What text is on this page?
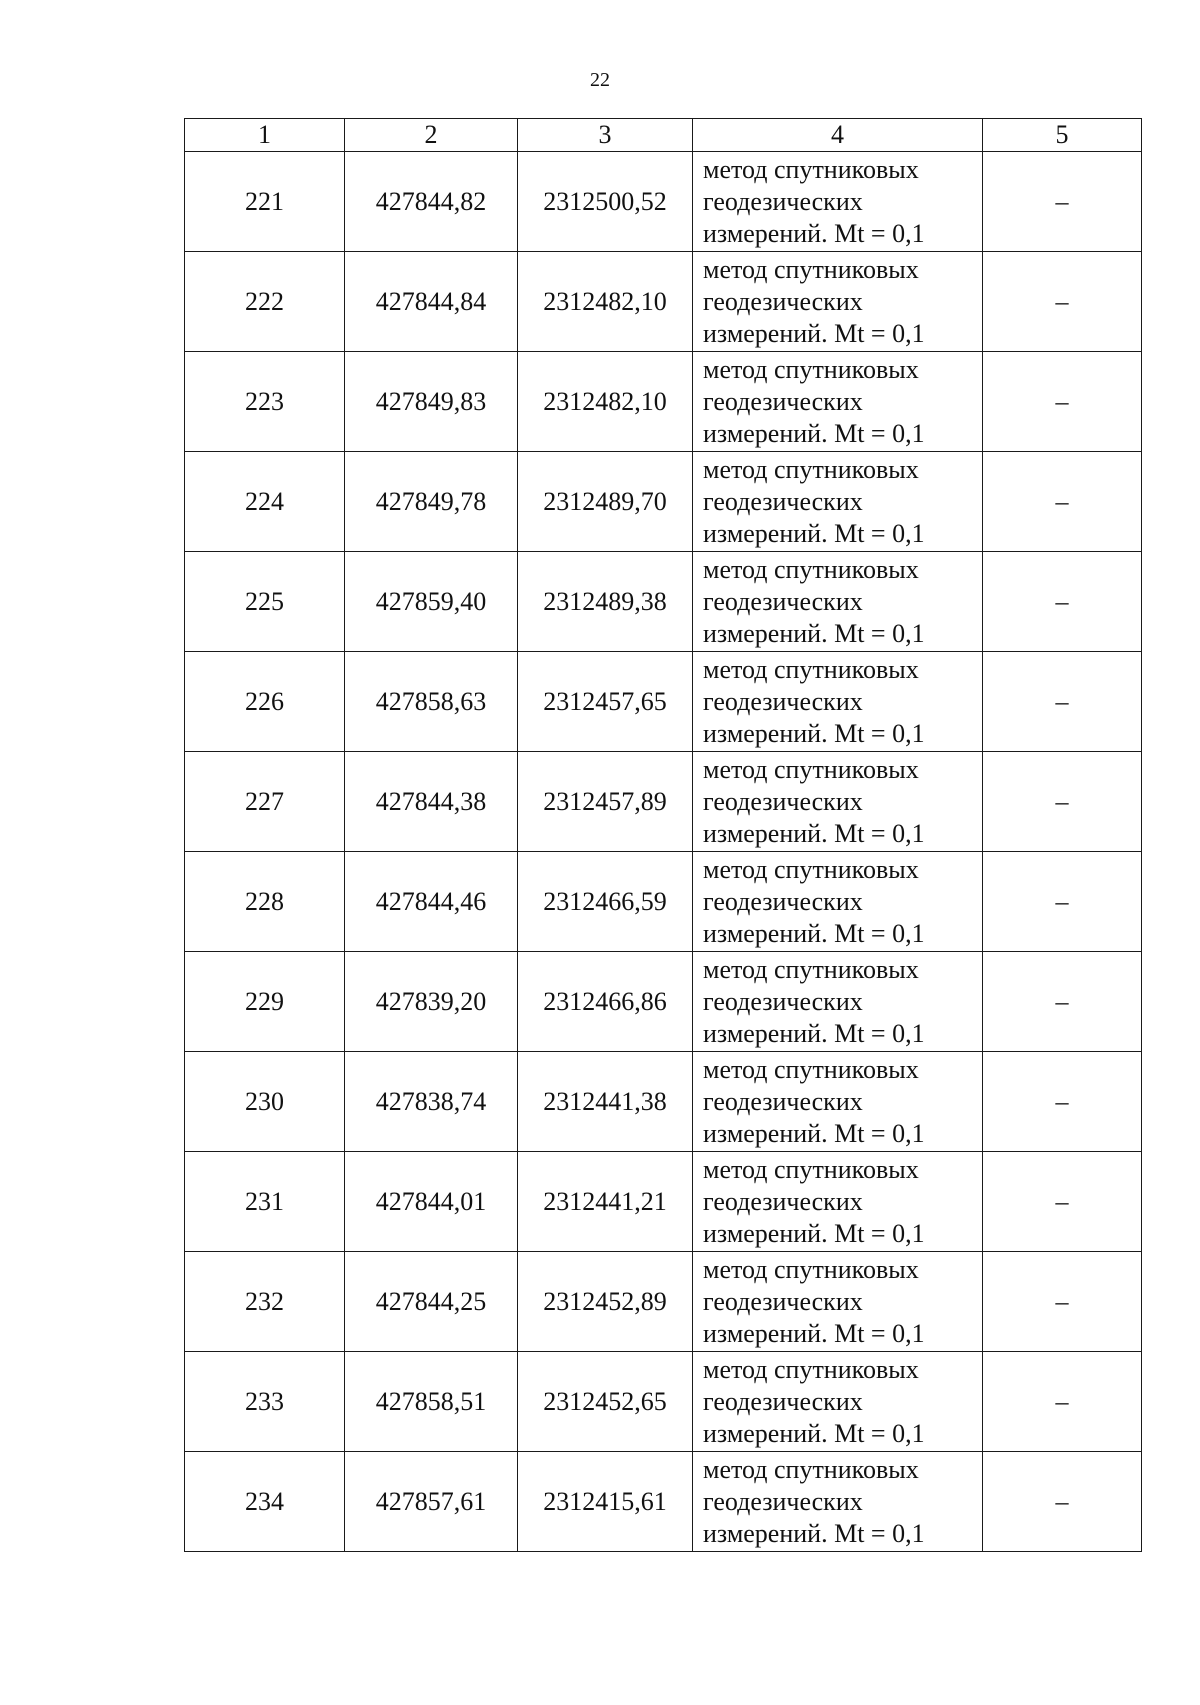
22
1	2	3	4	5
221	427844,82	2312500,52	метод спутниковых
геодезических
измерений. Mt = 0,1	–
222	427844,84	2312482,10	метод спутниковых
геодезических
измерений. Mt = 0,1	–
223	427849,83	2312482,10	метод спутниковых
геодезических
измерений. Mt = 0,1	–
224	427849,78	2312489,70	метод спутниковых
геодезических
измерений. Mt = 0,1	–
225	427859,40	2312489,38	метод спутниковых
геодезических
измерений. Mt = 0,1	–
226	427858,63	2312457,65	метод спутниковых
геодезических
измерений. Mt = 0,1	–
227	427844,38	2312457,89	метод спутниковых
геодезических
измерений. Mt = 0,1	–
228	427844,46	2312466,59	метод спутниковых
геодезических
измерений. Mt = 0,1	–
229	427839,20	2312466,86	метод спутниковых
геодезических
измерений. Mt = 0,1	–
230	427838,74	2312441,38	метод спутниковых
геодезических
измерений. Mt = 0,1	–
231	427844,01	2312441,21	метод спутниковых
геодезических
измерений. Mt = 0,1	–
232	427844,25	2312452,89	метод спутниковых
геодезических
измерений. Mt = 0,1	–
233	427858,51	2312452,65	метод спутниковых
геодезических
измерений. Mt = 0,1	–
234	427857,61	2312415,61	метод спутниковых
геодезических
измерений. Mt = 0,1	–
